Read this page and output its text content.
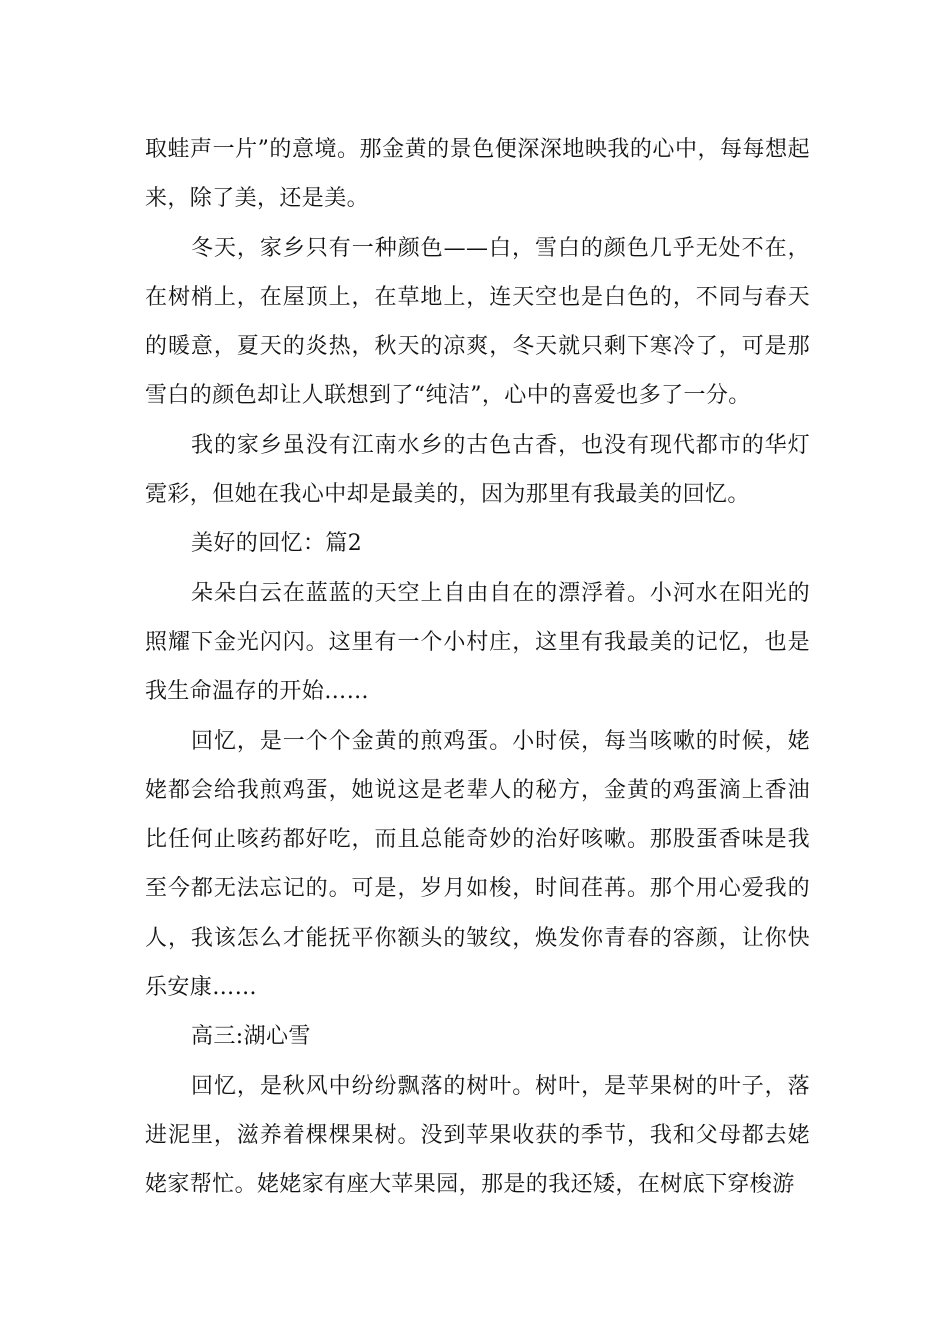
取蛙声一片”的意境。那金黄的景色便深深地映我的心中，每每想起来，除了美，还是美。

冬天，家乡只有一种颜色——白，雪白的颜色几乎无处不在，在树梢上，在屋顶上，在草地上，连天空也是白色的，不同与春天的暖意，夏天的炎热，秋天的凉爽，冬天就只剩下寒冷了，可是那雪白的颜色却让人联想到了“纯洁”，心中的喜爱也多了一分。

我的家乡虽没有江南水乡的古色古香，也没有现代都市的华灯霓彩，但她在我心中却是最美的，因为那里有我最美的回忆。

美好的回忆：篇2

朵朵白云在蓝蓝的天空上自由自在的漂浮着。小河水在阳光的照耀下金光闪闪。这里有一个小村庄，这里有我最美的记忆，也是我生命温存的开始……

回忆，是一个个金黄的煎鸡蛋。小时侯，每当咳嗽的时候，姥姥都会给我煎鸡蛋，她说这是老辈人的秘方，金黄的鸡蛋滴上香油比任何止咳药都好吃，而且总能奇妙的治好咳嗽。那股蛋香味是我至今都无法忘记的。可是，岁月如梭，时间荏苒。那个用心爱我的人，我该怎么才能抚平你额头的皱纹，焕发你青春的容颜，让你快乐安康……

高三:湖心雪

回忆，是秋风中纷纷飘落的树叶。树叶，是苹果树的叶子，落进泥里，滋养着棵棵果树。没到苹果收获的季节，我和父母都去姥姥家帮忙。姥姥家有座大苹果园，那是的我还矮，在树底下穿梭游
